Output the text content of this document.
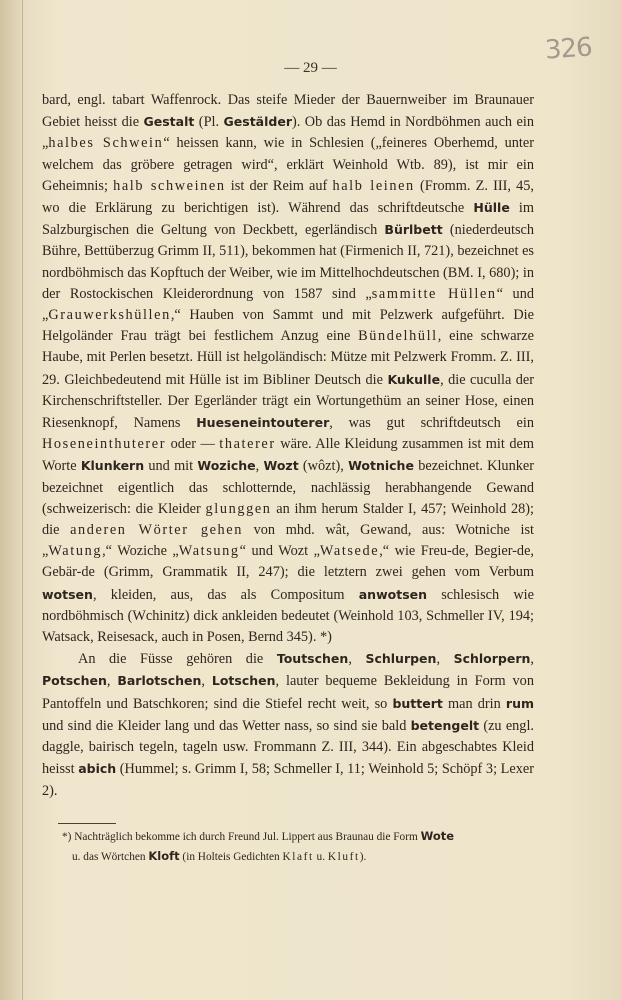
— 29 —
326

bard, engl. tabart Waffenrock. Das steife Mieder der Bauernweiber im Braunauer Gebiet heisst die Gestalt (Pl. Gestälder). Ob das Hemd in Nordböhmen auch ein „halbes Schwein“ heissen kann, wie in Schlesien („feineres Oberhemd, unter welchem das gröbere getragen wird“, erklärt Weinhold Wtb. 89), ist mir ein Geheimnis; halb schweinen ist der Reim auf halb leinen (Fromm. Z. III, 45, wo die Erklärung zu berichtigen ist). Während das schriftdeutsche Hülle im Salzburgischen die Geltung von Deckbett, egerländisch Bürlbett (niederdeutsch Bühre, Bettüberzug Grimm II, 511), bekommen hat (Firmenich II, 721), bezeichnet es nordböhmisch das Kopftuch der Weiber, wie im Mittelhochdeutschen (BM. I, 680); in der Rostockischen Kleiderordnung von 1587 sind „sammitte Hüllen“ und „Grauwerkshüllen,“ Hauben von Sammt und mit Pelzwerk aufgeführt. Die Helgoländer Frau trägt bei festlichem Anzug eine Bündelhüll, eine schwarze Haube, mit Perlen besetzt. Hüll ist helgoländisch: Mütze mit Pelzwerk Fromm. Z. III, 29. Gleichbedeutend mit Hülle ist im Bibliner Deutsch die Kukulle, die cuculla der Kirchenschriftsteller. Der Egerländer trägt ein Wortungethüm an seiner Hose, einen Riesenknopf, Namens Hueseneintouterer, was gut schriftdeutsch ein Hoseneinthuterer oder — thaterer wäre. Alle Kleidung zusammen ist mit dem Worte Klunkern und mit Woziche, Wozt (wôzt), Wotniche bezeichnet. Klunker bezeichnet eigentlich das schlotternde, nachlässig herabhangende Gewand (schweizerisch: die Kleider glunggen an ihm herum Stalder I, 457; Weinhold 28); die anderen Wörter gehen von mhd. wât, Gewand, aus: Wotniche ist „Watung,“ Woziche „Watsung“ und Wozt „Watsede,“ wie Freu-de, Begier-de, Gebär-de (Grimm, Grammatik II, 247); die letztern zwei gehen vom Verbum wotsen, kleiden, aus, das als Compositum anwotsen schlesisch wie nordböhmisch (Wchinitz) dick ankleiden bedeutet (Weinhold 103, Schmeller IV, 194; Watsack, Reisesack, auch in Posen, Bernd 345). *)

An die Füsse gehören die Toutschen, Schlurpen, Schlorpern, Potschen, Barlotschen, Lotschen, lauter bequeme Bekleidung in Form von Pantoffeln und Batschkoren; sind die Stiefel recht weit, so buttert man drin rum und sind die Kleider lang und das Wetter nass, so sind sie bald betengelt (zu engl. daggle, bairisch tegeln, tageln usw. Frommann Z. III, 344). Ein abgeschabtes Kleid heisst abich (Hummel; s. Grimm I, 58; Schmeller I, 11; Weinhold 5; Schöpf 3; Lexer 2).

*) Nachträglich bekomme ich durch Freund Jul. Lippert aus Braunau die Form Wote
u. das Wörtchen Kloft (in Holteis Gedichten Klaft u. Kluft).
